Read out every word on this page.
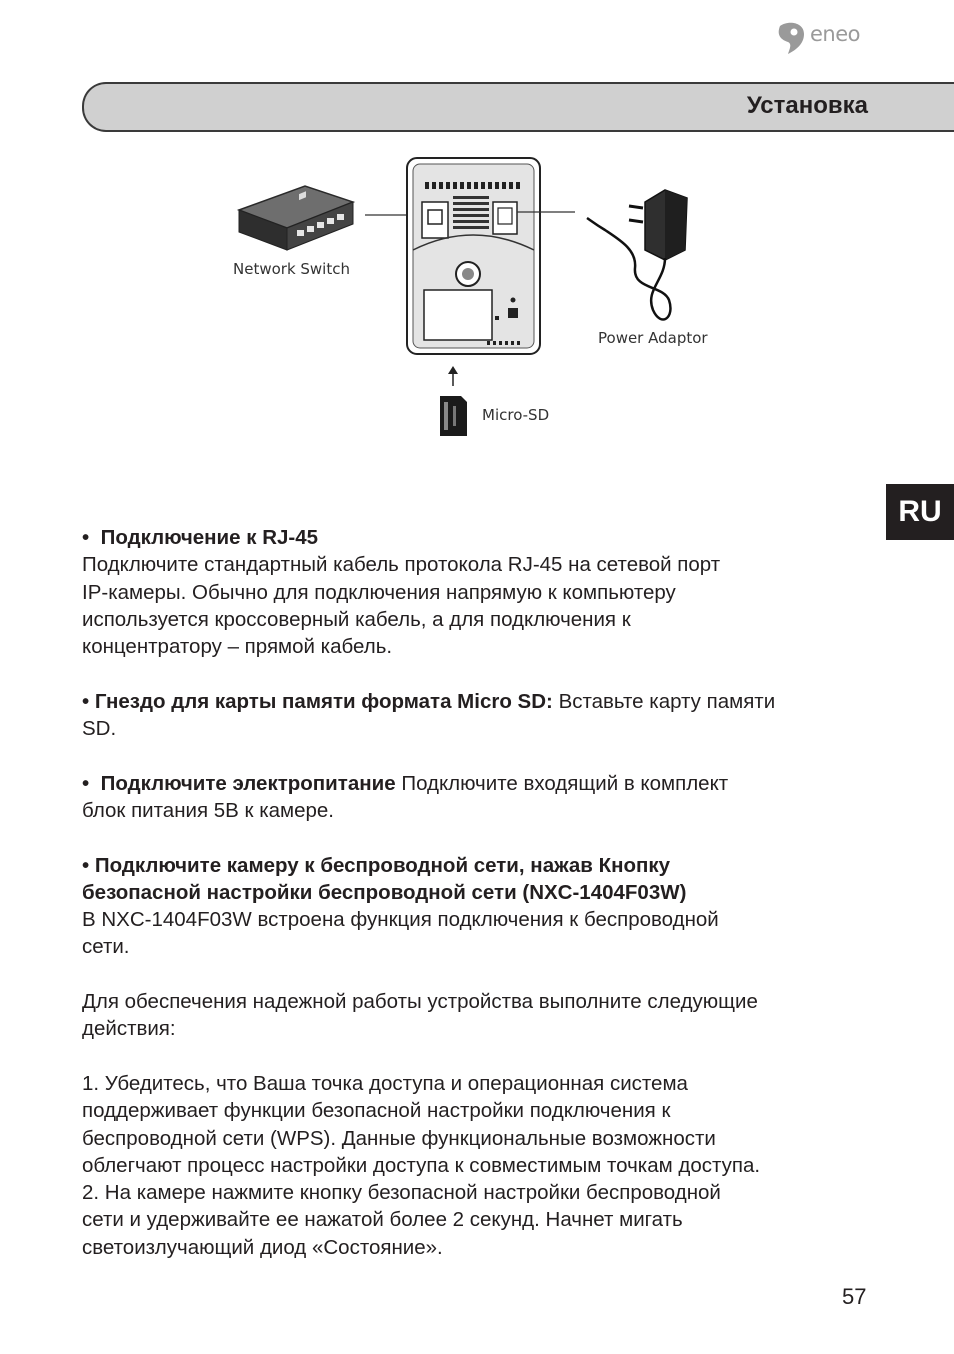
eneo
Установка
Network Switch
Power Adaptor
Micro-SD
RU

• Подключение к RJ-45

Подключите стандартный кабель протокола RJ-45 на сетевой порт

IP-камеры. Обычно для подключения напрямую к компьютеру

используется кроссоверный кабель, а для подключения к

концентратору – прямой кабель.

• Гнездо для карты памяти формата Micro SD: Вставьте карту памяти

SD.

• Подключите электропитание Подключите входящий в комплект

блок питания 5В к камере.

• Подключите камеру к беспроводной сети, нажав Кнопку

безопасной настройки беспроводной сети (NXC-1404F03W)

В NXC-1404F03W встроена функция подключения к беспроводной

сети.

Для обеспечения надежной работы устройства выполните следующие

действия:

1. Убедитесь, что Ваша точка доступа и операционная система

поддерживает функции безопасной настройки подключения к

беспроводной сети (WPS). Данные функциональные возможности

облегчают процесс настройки доступа к совместимым точкам доступа.

2. На камере нажмите кнопку безопасной настройки беспроводной

сети и удерживайте ее нажатой более 2 секунд. Начнет мигать

светоизлучающий диод «Состояние».

57
